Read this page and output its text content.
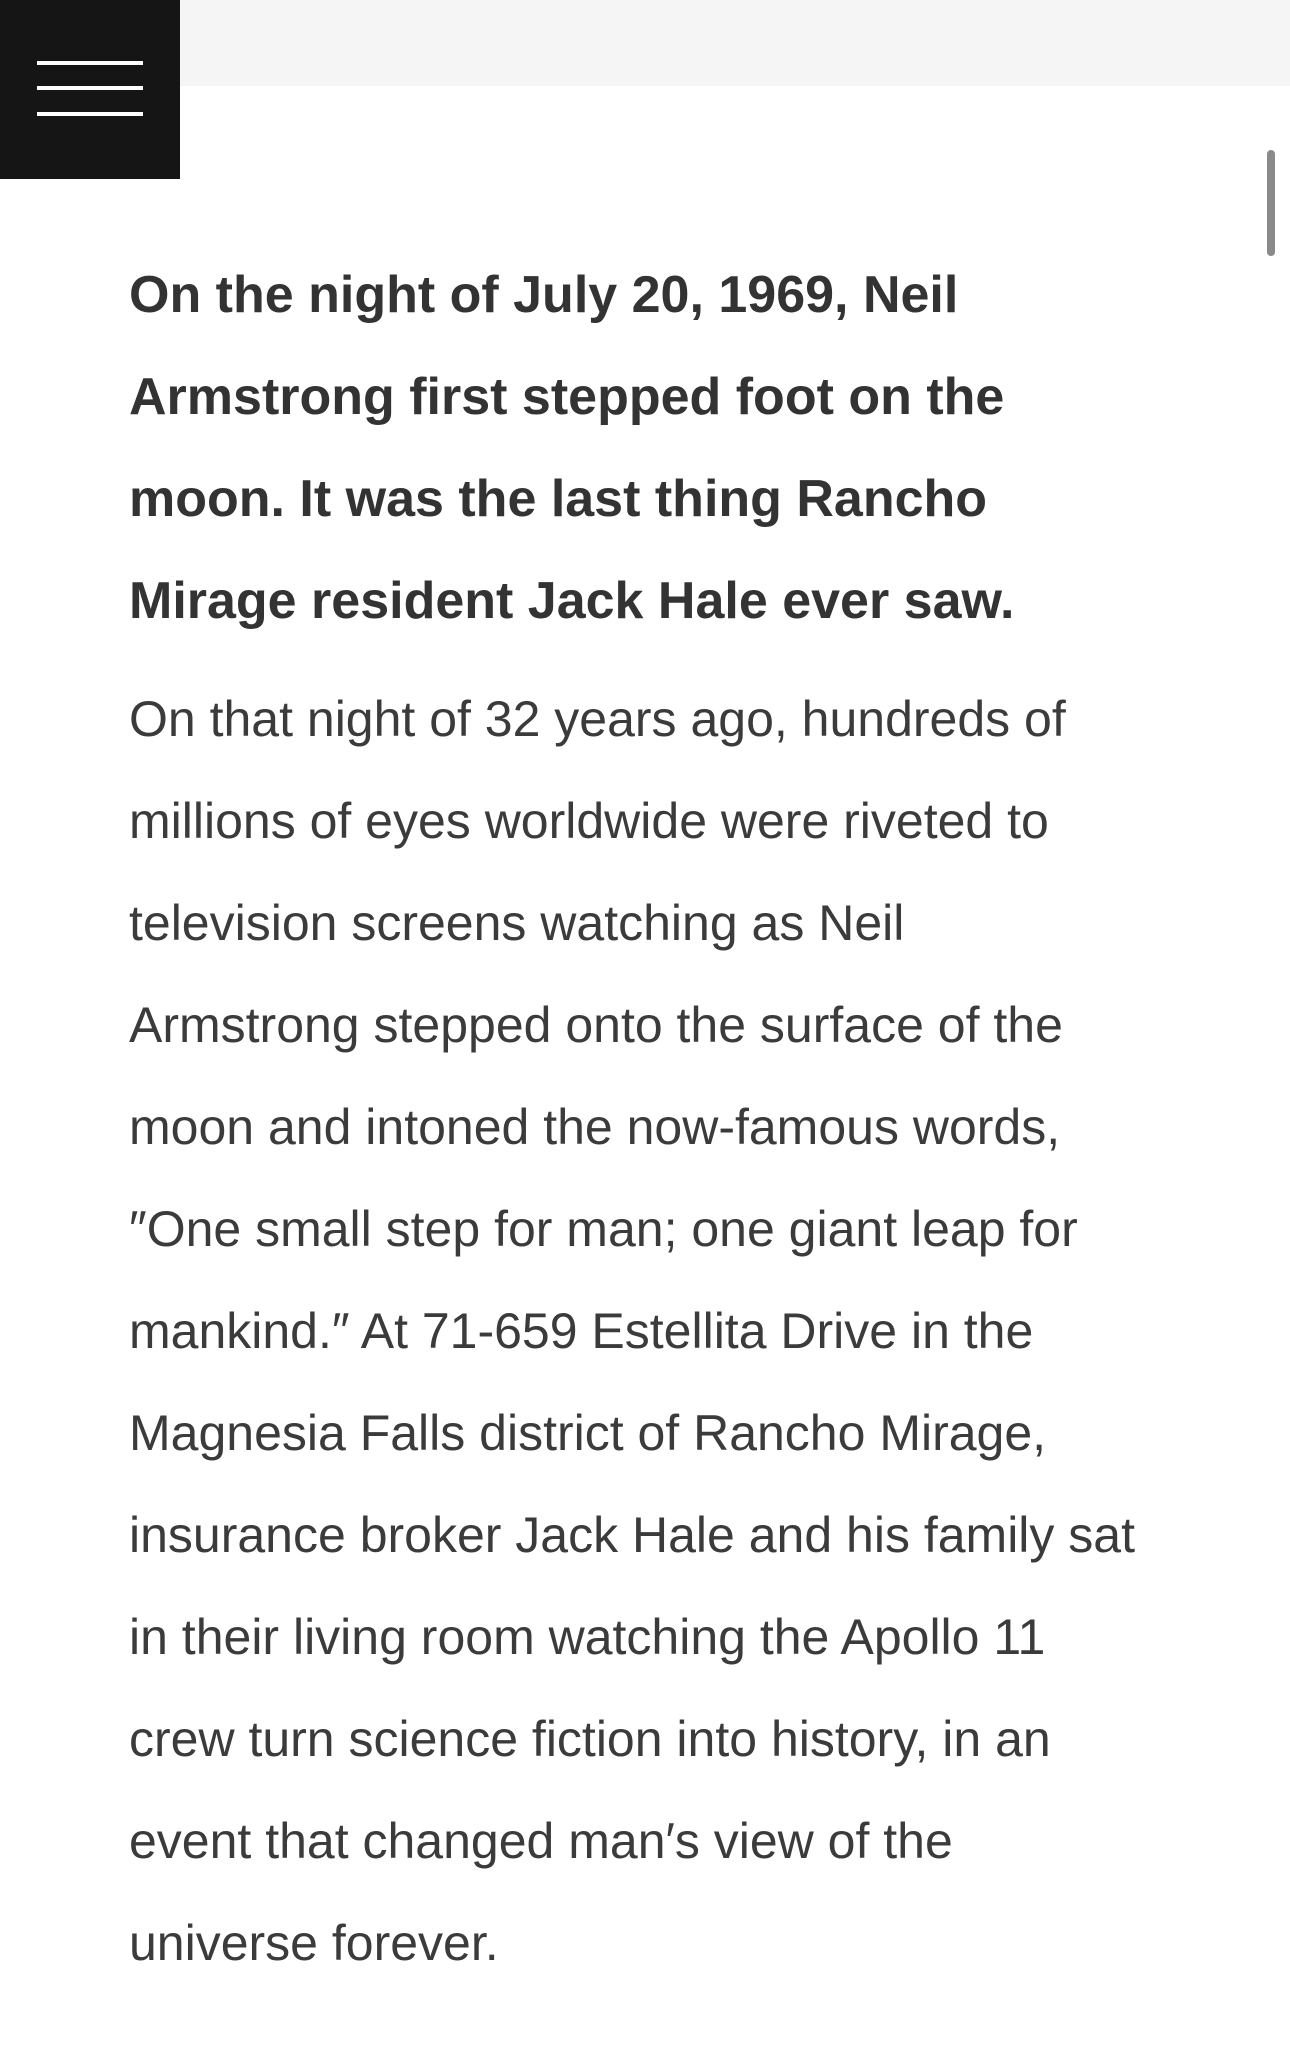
On the night of July 20, 1969, Neil Armstrong first stepped foot on the moon. It was the last thing Rancho Mirage resident Jack Hale ever saw.

On that night of 32 years ago, hundreds of millions of eyes worldwide were riveted to television screens watching as Neil Armstrong stepped onto the surface of the moon and intoned the now-famous words, ″One small step for man; one giant leap for mankind.″ At 71-659 Estellita Drive in the Magnesia Falls district of Rancho Mirage, insurance broker Jack Hale and his family sat in their living room watching the Apollo 11 crew turn science fiction into history, in an event that changed man′s view of the universe forever.
